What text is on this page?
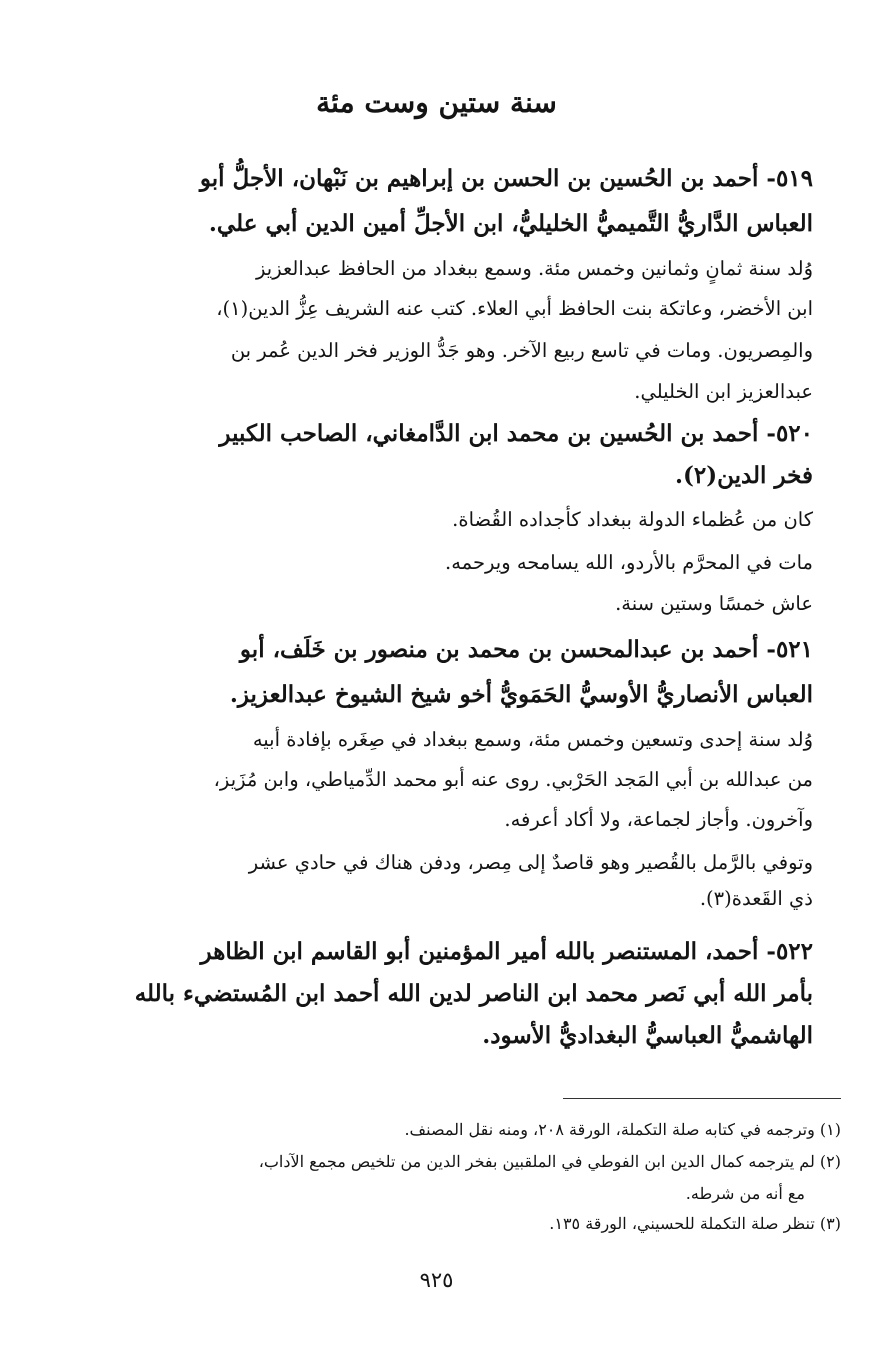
سنة ستين وست مئة

٥١٩- أحمد بن الحُسين بن الحسن بن إبراهيم بن نَبْهان، الأجلُّ أبو

العباس الدَّاريُّ التَّميميُّ الخليليُّ، ابن الأجلِّ أمين الدين أبي علي.

وُلد سنة ثمانٍ وثمانين وخمس مئة. وسمع ببغداد من الحافظ عبدالعزيز

ابن الأخضر، وعاتكة بنت الحافظ أبي العلاء. كتب عنه الشريف عِزُّ الدين(١)،

والمِصريون. ومات في تاسع ربيع الآخر. وهو جَدُّ الوزير فخر الدين عُمر بن

عبدالعزيز ابن الخليلي.

٥٢٠- أحمد بن الحُسين بن محمد ابن الدَّامغاني، الصاحب الكبير

فخر الدين(٢).

كان من عُظماء الدولة ببغداد كأجداده القُضاة.

مات في المحرَّم بالأردو، الله يسامحه ويرحمه.

عاش خمسًا وستين سنة.

٥٢١- أحمد بن عبدالمحسن بن محمد بن منصور بن خَلَف، أبو

العباس الأنصاريُّ الأوسيُّ الحَمَويُّ أخو شيخ الشيوخ عبدالعزيز.

وُلد سنة إحدى وتسعين وخمس مئة، وسمع ببغداد في صِغَره بإفادة أبيه

من عبدالله بن أبي المَجد الحَرْبي. روى عنه أبو محمد الدِّمياطي، وابن مُزَيز،

وآخرون. وأجاز لجماعة، ولا أكاد أعرفه.

وتوفي بالرَّمل بالقُصير وهو قاصدٌ إلى مِصر، ودفن هناك في حادي عشر

ذي القَعدة(٣).

٥٢٢- أحمد، المستنصر بالله أمير المؤمنين أبو القاسم ابن الظاهر

بأمر الله أبي نَصر محمد ابن الناصر لدين الله أحمد ابن المُستضيء بالله

الهاشميُّ العباسيُّ البغداديُّ الأسود.

(١) وترجمه في كتابه صلة التكملة، الورقة ٢٠٨، ومنه نقل المصنف.

(٢) لم يترجمه كمال الدين ابن الفوطي في الملقبين بفخر الدين من تلخيص مجمع الآداب،

مع أنه من شرطه.

(٣) تنظر صلة التكملة للحسيني، الورقة ١٣٥.

٩٢٥
